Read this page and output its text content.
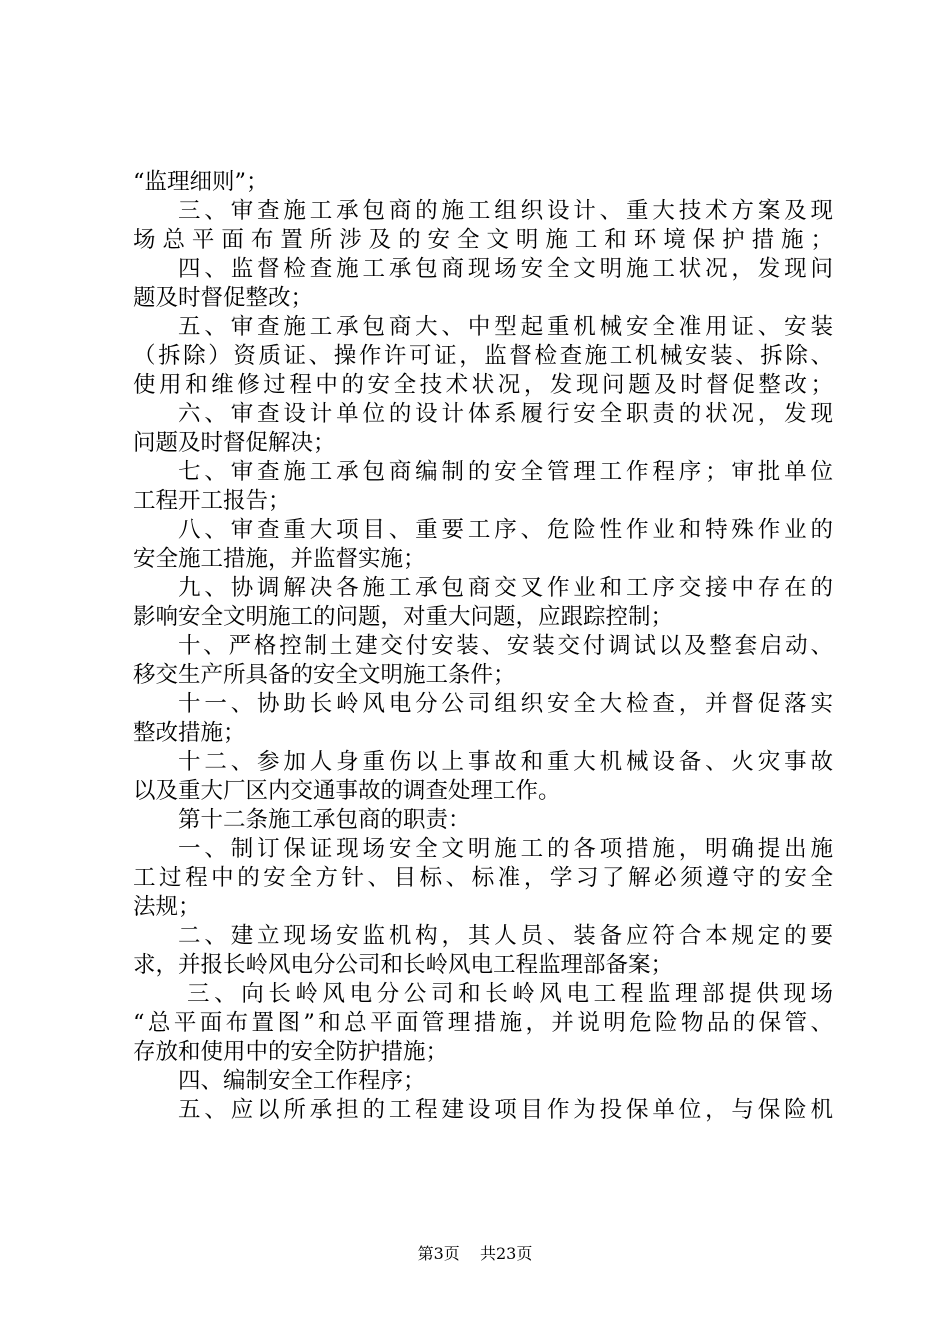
“监理细则”；
三、审查施工承包商的施工组织设计、重大技术方案及现
场总平面布置所涉及的安全文明施工和环境保护措施；
四、监督检查施工承包商现场安全文明施工状况，发现问
题及时督促整改；
五、审查施工承包商大、中型起重机械安全准用证、安装
（拆除）资质证、操作许可证，监督检查施工机械安装、拆除、
使用和维修过程中的安全技术状况，发现问题及时督促整改；
六、审查设计单位的设计体系履行安全职责的状况，发现
问题及时督促解决；
七、审查施工承包商编制的安全管理工作程序；审批单位
工程开工报告；
八、审查重大项目、重要工序、危险性作业和特殊作业的
安全施工措施，并监督实施；
九、协调解决各施工承包商交叉作业和工序交接中存在的
影响安全文明施工的问题，对重大问题，应跟踪控制；
十、严格控制土建交付安装、安装交付调试以及整套启动、
移交生产所具备的安全文明施工条件；
十一、协助长岭风电分公司组织安全大检查，并督促落实
整改措施；
十二、参加人身重伤以上事故和重大机械设备、火灾事故
以及重大厂区内交通事故的调查处理工作。
第十二条施工承包商的职责：
一、制订保证现场安全文明施工的各项措施，明确提出施
工过程中的安全方针、目标、标准，学习了解必须遵守的安全
法规；
二、建立现场安监机构，其人员、装备应符合本规定的要
求，并报长岭风电分公司和长岭风电工程监理部备案；
三、向长岭风电分公司和长岭风电工程监理部提供现场
“总平面布置图”和总平面管理措施，并说明危险物品的保管、
存放和使用中的安全防护措施；
四、编制安全工作程序；
五、应以所承担的工程建设项目作为投保单位，与保险机
第3页 共23页
